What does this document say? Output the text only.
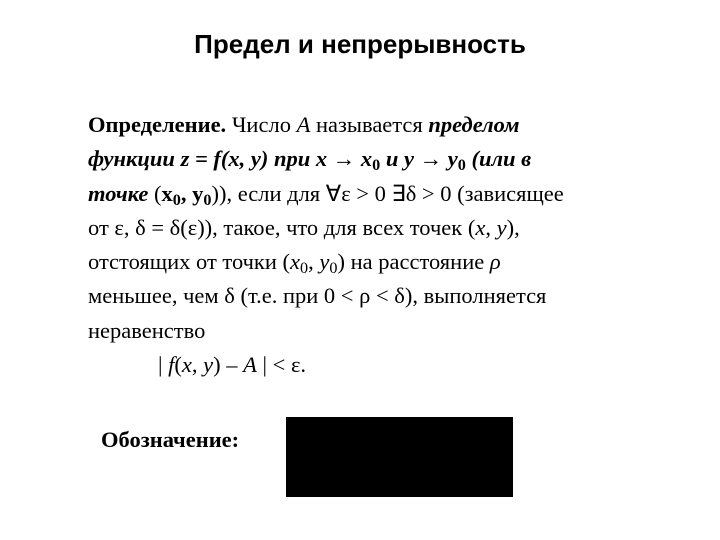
Предел и непрерывность
Определение. Число A называется пределом
функции z = f(x, y) при $x \to x_0$ и $y \to y_0$ (или в
точке ($x_0$, $y_0$)), если для ∀ε > 0 ∃δ > 0 (зависящее
от ε, δ = δ(ε)), такое, что для всех точек (x, y),
отстоящих от точки ($x_0$, $y_0$) на расстояние ρ
меньшее, чем δ (т.е. при 0 < ρ < δ), выполняется
неравенство
| f(x, y) – A | < ε.
Обозначение:
